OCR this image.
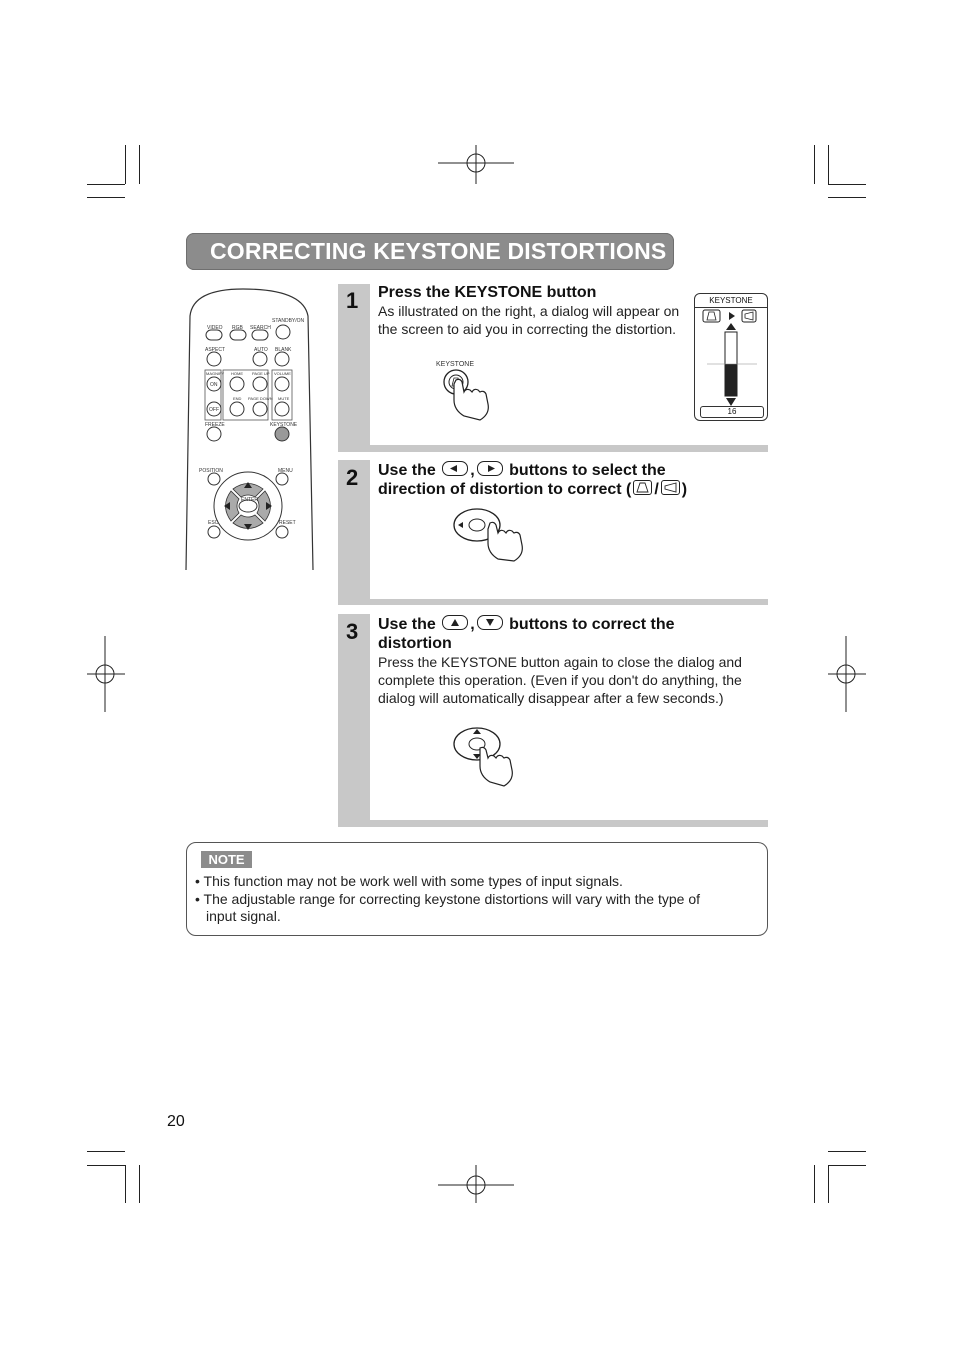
CORRECTING KEYSTONE DISTORTIONS
STANDBY/ON
VIDEO RGB SEARCH
ASPECT	AUTO BLANK
MAGNIFY HOME PAGE UP VOLUME
ON
OFF
END PAGE DOWN MUTE
FREEZE	KEYSTONE
POSITION	MENU
ENTER
ESC	RESET
1 Press the KEYSTONE button
As illustrated on the right, a dialog will appear on the screen to aid you in correcting the distortion.
KEYSTONE
KEYSTONE
16
2 Use the , buttons to select the
direction of distortion to correct ( / )
3 Use the , buttons to correct the
distortion
Press the KEYSTONE button again to close the dialog and complete this operation. (Even if you don't do anything, the dialog will automatically disappear after a few seconds.)
NOTE
• This function may not be work well with some types of input signals.
• The adjustable range for correcting keystone distortions will vary with the type of
input signal.
20
